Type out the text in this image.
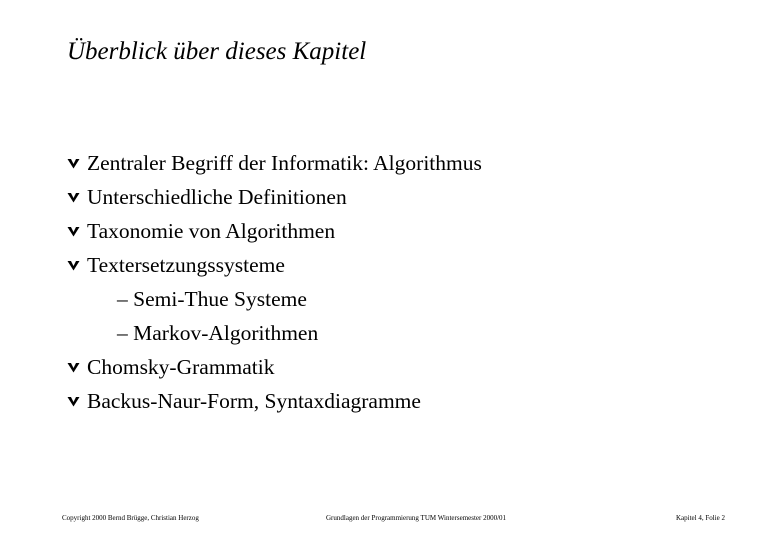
Überblick über dieses Kapitel
Zentraler Begriff der Informatik: Algorithmus
Unterschiedliche Definitionen
Taxonomie von Algorithmen
Textersetzungssysteme
– Semi-Thue Systeme
– Markov-Algorithmen
Chomsky-Grammatik
Backus-Naur-Form, Syntaxdiagramme
Copyright 2000 Bernd Brügge, Christian Herzog	Grundlagen der Programmierung TUM Wintersemester 2000/01	Kapitel 4, Folie 2
